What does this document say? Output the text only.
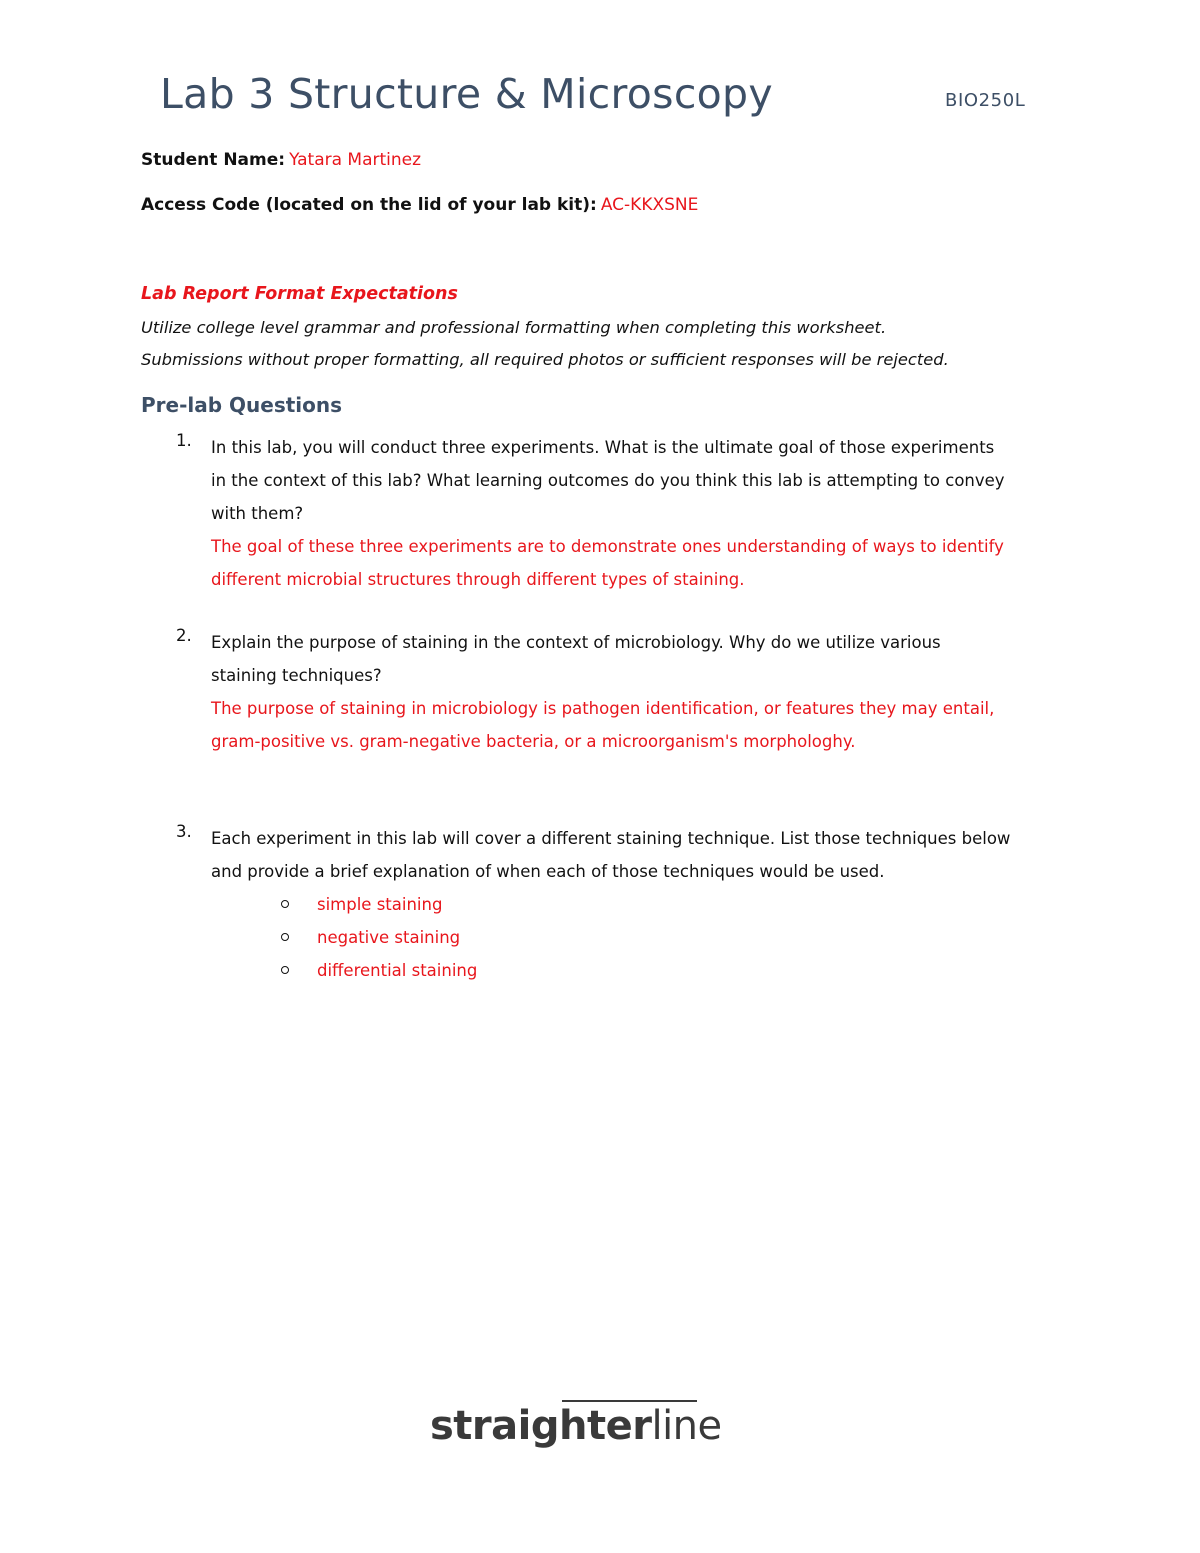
Lab 3 Structure & Microscopy	BIO250L
Student Name: Yatara Martinez
Access Code (located on the lid of your lab kit): AC-KKXSNE
Lab Report Format Expectations
Utilize college level grammar and professional formatting when completing this worksheet.
Submissions without proper formatting, all required photos or sufficient responses will be rejected.
Pre-lab Questions
1. In this lab, you will conduct three experiments. What is the ultimate goal of those experiments
in the context of this lab? What learning outcomes do you think this lab is attempting to convey
with them?
The goal of these three experiments are to demonstrate ones understanding of ways to identify
different microbial structures through different types of staining.
2. Explain the purpose of staining in the context of microbiology. Why do we utilize various
staining techniques?
The purpose of staining in microbiology is pathogen identification, or features they may entail,
gram-positive vs. gram-negative bacteria, or a microorganism's morphologhy.
3. Each experiment in this lab will cover a different staining technique. List those techniques below
and provide a brief explanation of when each of those techniques would be used.
simple staining
negative staining
differential staining
straighterline
